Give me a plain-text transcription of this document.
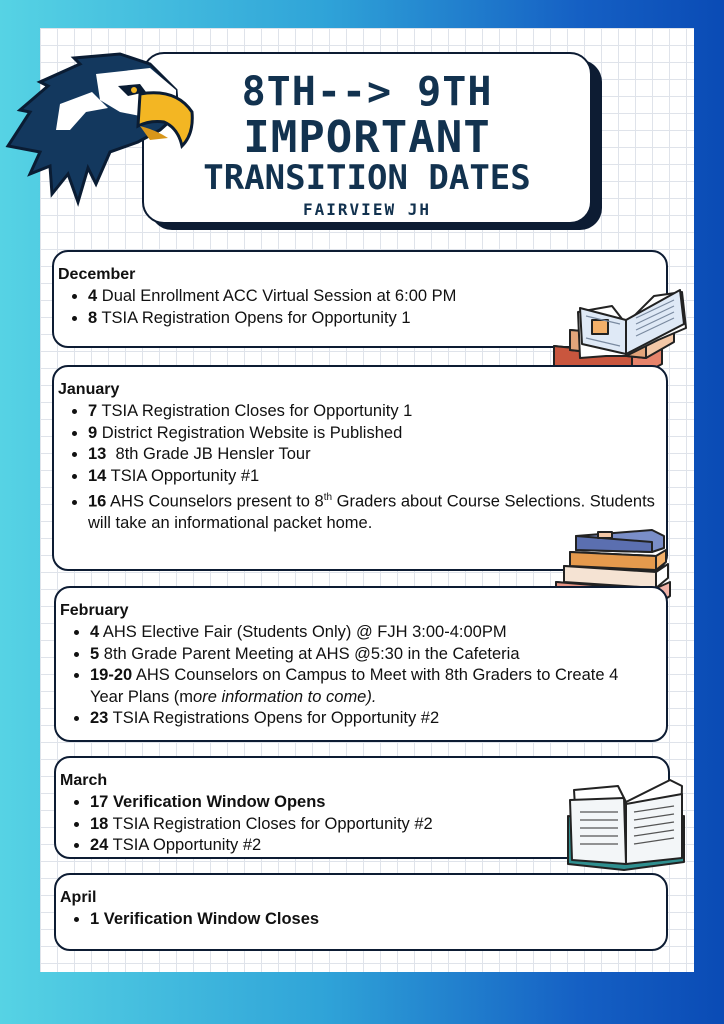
8TH--> 9TH
IMPORTANT
TRANSITION DATES
FAIRVIEW JH
December
• 4 Dual Enrollment ACC Virtual Session at 6:00 PM
• 8 TSIA Registration Opens for Opportunity 1
January
• 7 TSIA Registration Closes for Opportunity 1
• 9 District Registration Website is Published
• 13  8th Grade JB Hensler Tour
• 14 TSIA Opportunity #1
• 16 AHS Counselors present to 8th Graders about Course Selections. Students will take an informational packet home.
February
• 4 AHS Elective Fair (Students Only) @ FJH 3:00-4:00PM
• 5 8th Grade Parent Meeting at AHS @5:30 in the Cafeteria
• 19-20 AHS Counselors on Campus to Meet with 8th Graders to Create 4 Year Plans (more information to come).
• 23 TSIA Registrations Opens for Opportunity #2
March
• 17 Verification Window Opens
• 18 TSIA Registration Closes for Opportunity #2
• 24 TSIA Opportunity #2
April
• 1 Verification Window Closes
